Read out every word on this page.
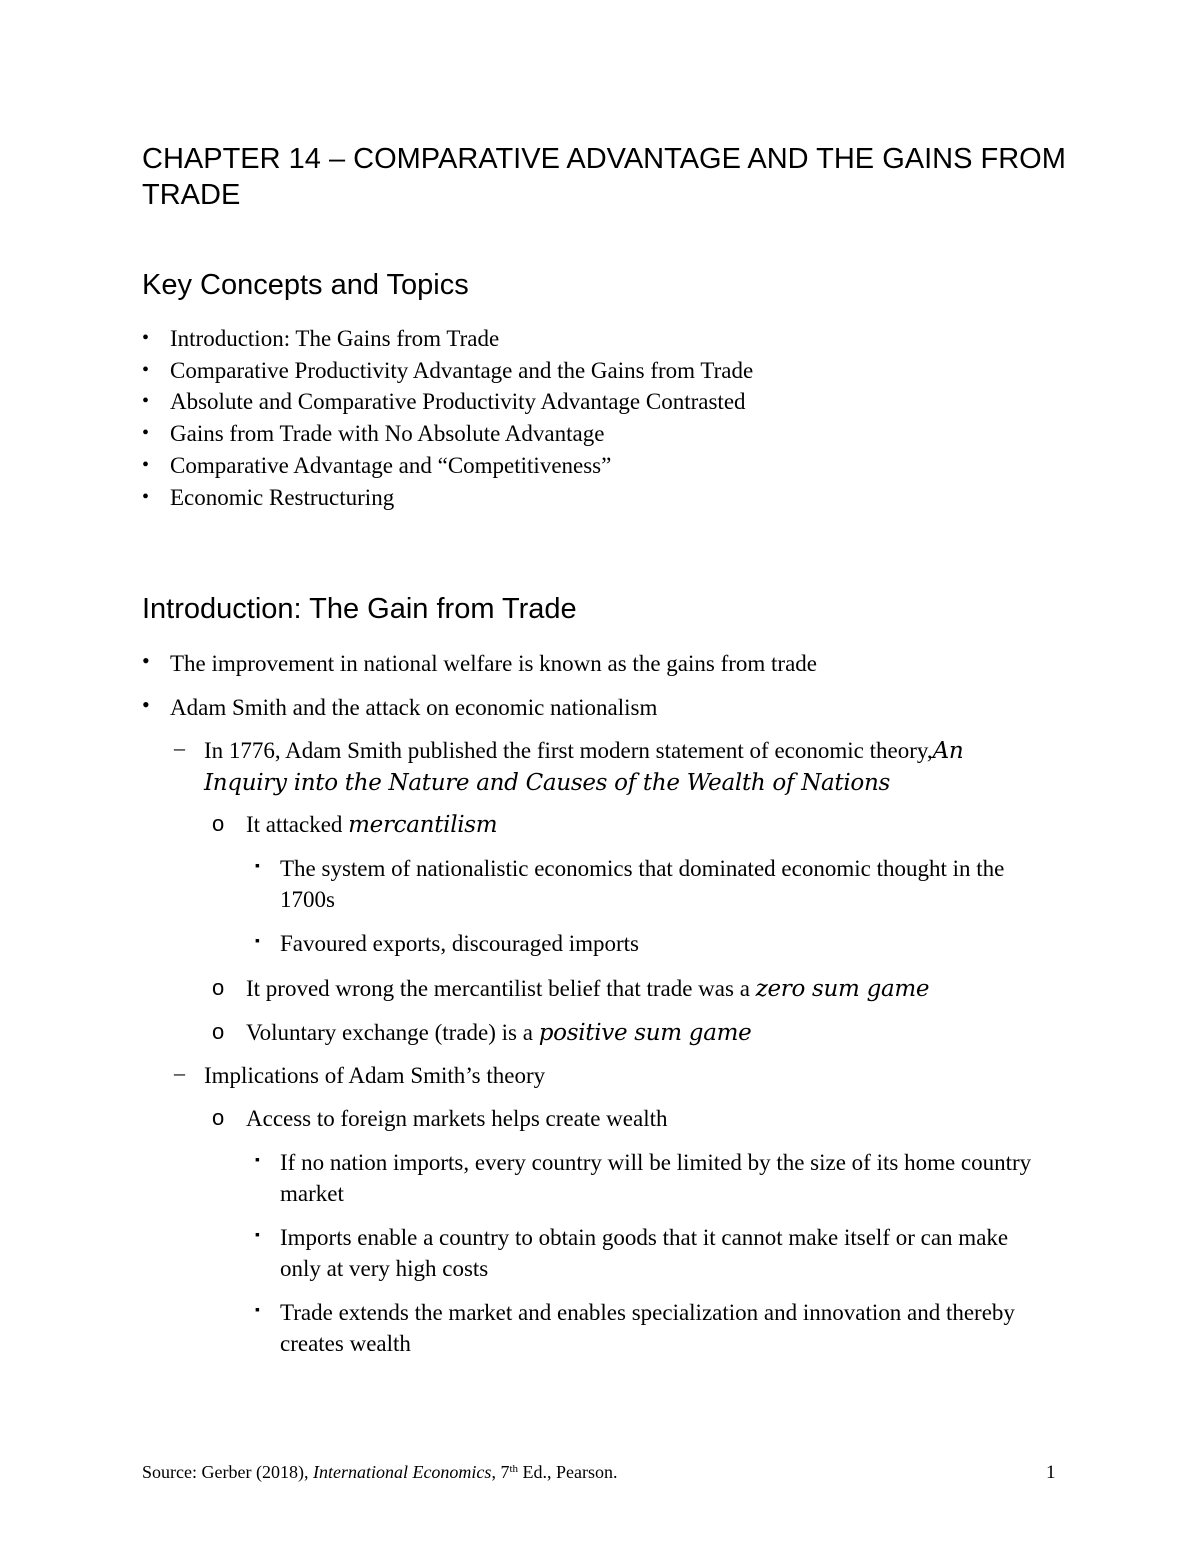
CHAPTER 14 – COMPARATIVE ADVANTAGE AND THE GAINS FROM TRADE
Key Concepts and Topics
• Introduction: The Gains from Trade
• Comparative Productivity Advantage and the Gains from Trade
• Absolute and Comparative Productivity Advantage Contrasted
• Gains from Trade with No Absolute Advantage
• Comparative Advantage and “Competitiveness”
• Economic Restructuring
Introduction: The Gain from Trade
• The improvement in national welfare is known as the gains from trade

• Adam Smith and the attack on economic nationalism

– In 1776, Adam Smith published the first modern statement of economic theory,An Inquiry into the Nature and Causes of the Wealth of Nations

o It attacked mercantilism

▪ The system of nationalistic economics that dominated economic thought in the 1700s

▪ Favoured exports, discouraged imports

o It proved wrong the mercantilist belief that trade was a zero sum game

o Voluntary exchange (trade) is a positive sum game

– Implications of Adam Smith’s theory

o Access to foreign markets helps create wealth

▪ If no nation imports, every country will be limited by the size of its home country market

▪ Imports enable a country to obtain goods that it cannot make itself or can make only at very high costs

▪ Trade extends the market and enables specialization and innovation and thereby creates wealth

Source: Gerber (2018), International Economics, 7th Ed., Pearson.	1
